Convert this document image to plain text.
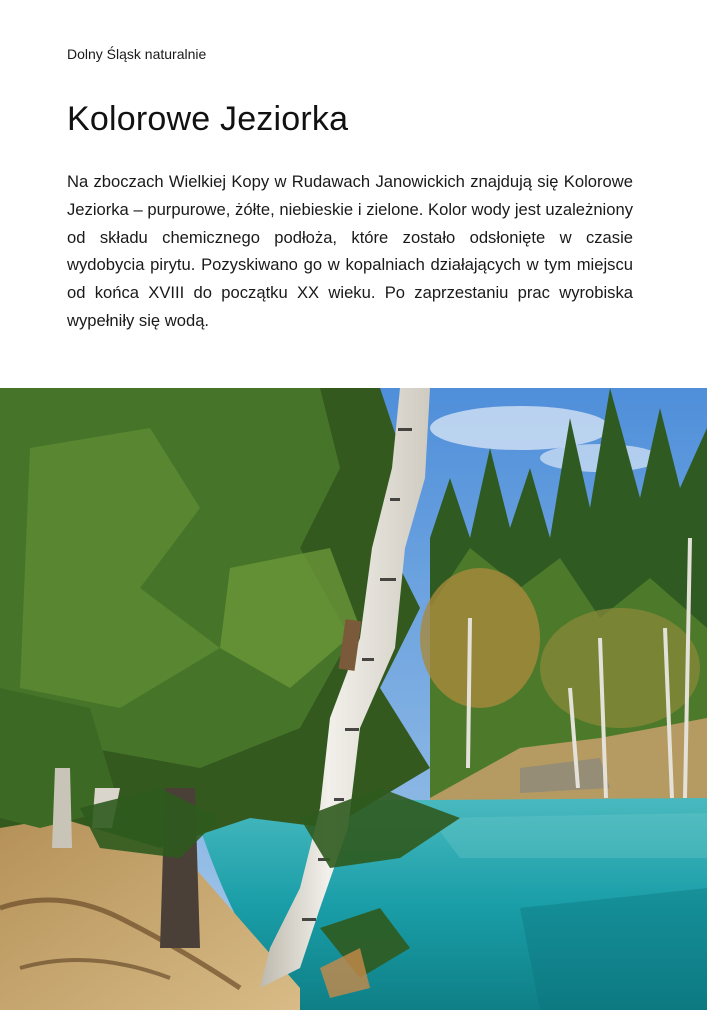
Dolny Śląsk naturalnie
Kolorowe Jeziorka

Na zboczach Wielkiej Kopy w Rudawach Janowickich znajdują się Kolorowe Jeziorka – purpurowe, żółte, niebieskie i zielone. Kolor wody jest uzależniony od składu chemicznego podłoża, które zostało odsłonięte w czasie wydobycia pirytu. Pozyskiwano go w kopalniach działających w tym miejscu od końca XVIII do początku XX wieku. Po zaprzestaniu prac wyrobiska wypełniły się wodą.
